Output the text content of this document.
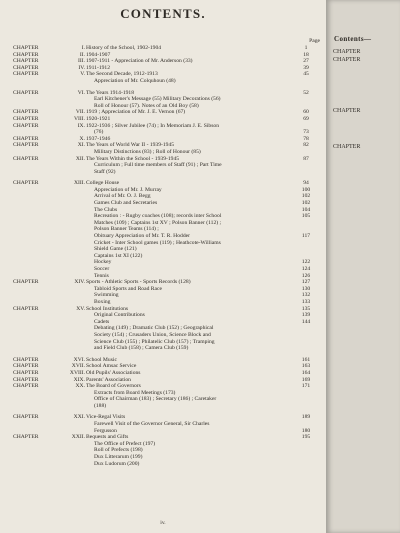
CONTENTS.
Page
CHAPTER	I. History of the School, 1902-1904	1
CHAPTER	II. 1904-1907	18
CHAPTER	III. 1907-1911 - Appreciation of Mr. Anderson (33)	27
CHAPTER	IV. 1911-1912	39
CHAPTER	V. The Second Decade, 1912-1913	45
Appreciation of Mr. Colquhoun (48)
CHAPTER	VI. The Years 1914-1918	52
Earl Kitchener's Message (55) Military Decorations (56)
Roll of Honour (57). Notes of an Old Boy (58)
CHAPTER	VII. 1919 ; Appreciation of Mr. J. E. Vernon (67)	60
CHAPTER	VIII. 1920-1921	69
CHAPTER	IX. 1922-1936 ; Silver Jubilee (74) ; In Memoriam J. E. Sibson
(76)	73
CHAPTER	X. 1937-1946	78
CHAPTER	XI. The Years of World War II - 1939-1945	82
Military Distinctions (83) ; Roll of Honour (85)
CHAPTER	XII. The Years Within the School - 1939-1945	87
Curriculum ; Full time members of Staff (91) ; Part Time
Staff (92)
CHAPTER	XIII. College House	94
Appreciation of Mr. J. Murray	100
Arrival of Mr. O. J. Begg	102
Games Club and Secretaries	102
The Clubs	104
Recreation : - Rugby coaches (108); records inter School	105
Matches (109) ; Captains 1st XV ; Polson Banner (112) ;
Polson Banner Teams (114) ;
Obituary Appreciation of Mr. T. R. Hodder	117
Cricket - Inter School games (119) ; Heathcote-Williams
Shield Game (121)
Captains 1st XI (122)
Hockey	122
Soccer	124
Tennis	126
CHAPTER	XIV. Sports - Athletic Sports - Sports Records (128)	127
Tabloid Sports and Road Race	130
Swimming	132
Boxing	133
CHAPTER	XV. School Institutions	135
Original Contributions	139
Cadets	144
Debating (149) ; Dramatic Club (152) ; Geographical
Society (154) ; Crusaders Union, Science Block and
Science Club (155) ; Philatelic Club (157) ; Tramping
and Field Club (158) ; Camera Club (159)
CHAPTER	XVI. School Music	161
CHAPTER	XVII. School Amsac Service	163
CHAPTER	XVIII. Old Pupils' Associations	164
CHAPTER	XIX. Parents' Association	169
CHAPTER	XX. The Board of Governors	171
Extracts from Board Meetings (173)
Office of Chairman (183) ; Secretary (186) ; Caretaker
(188)
CHAPTER	XXI. Vice-Regal Visits	189
Farewell Visit of the Governor General, Sir Charles
Fergusson	180
CHAPTER	XXII. Bequests and Gifts	195
The Office of Prefect (197)
Roll of Prefects (198)
Dux Litterarum (199)
Dux Ludorum (200)
iv.
Contents—
CHAPTER
CHAPTER
CHAPTER
CHAPTER
